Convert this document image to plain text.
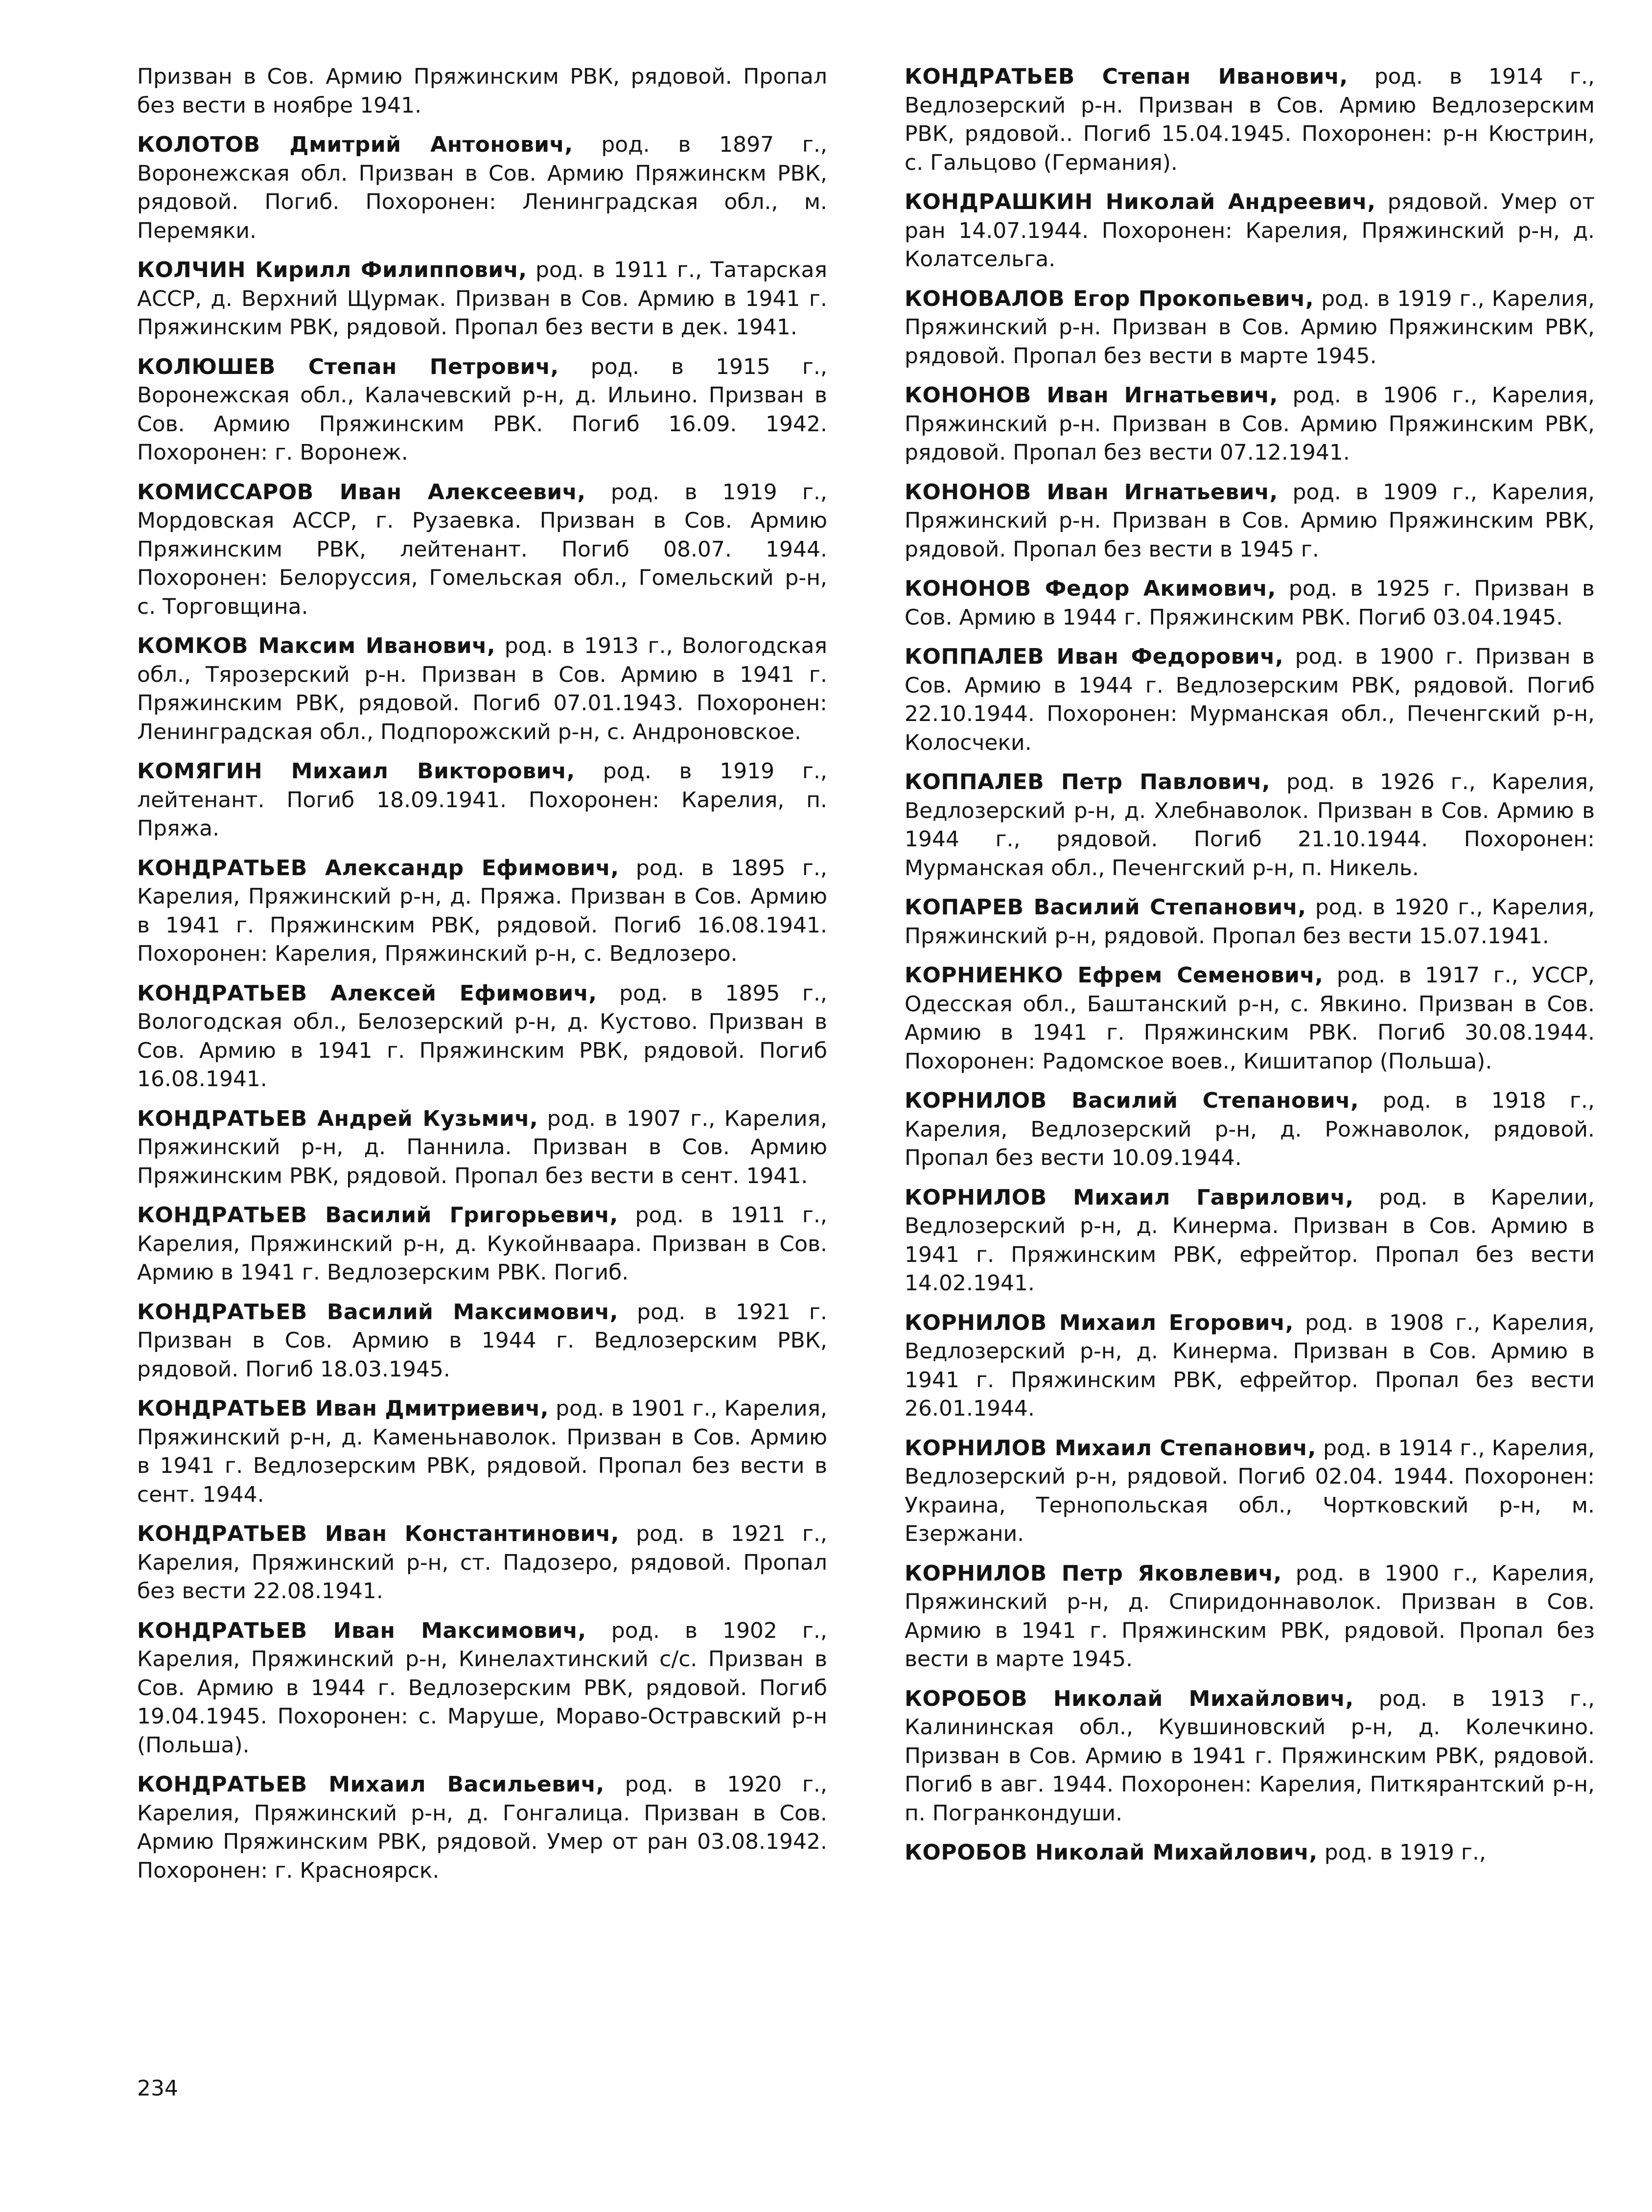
Призван в Сов. Армию Пряжинским РВК, рядовой. Пропал без вести в ноябре 1941.

КОЛОТОВ Дмитрий Антонович, род. в 1897 г., Воронежская обл. Призван в Сов. Армию Пряжинскм РВК, рядовой. Погиб. Похоронен: Ленинградская обл., м. Перемяки.

КОЛЧИН Кирилл Филиппович, род. в 1911 г., Татарская АССР, д. Верхний Щурмак. Призван в Сов. Армию в 1941 г. Пряжинским РВК, рядовой. Пропал без вести в дек. 1941.

КОЛЮШЕВ Степан Петрович, род. в 1915 г., Воронежская обл., Калачевский р-н, д. Ильино. Призван в Сов. Армию Пряжинским РВК. Погиб 16.09. 1942. Похоронен: г. Воронеж.

КОМИССАРОВ Иван Алексеевич, род. в 1919 г., Мордовская АССР, г. Рузаевка. Призван в Сов. Армию Пряжинским РВК, лейтенант. Погиб 08.07. 1944. Похоронен: Белоруссия, Гомельская обл., Гомельский р-н, с. Торговщина.

КОМКОВ Максим Иванович, род. в 1913 г., Вологодская обл., Тярозерский р-н. Призван в Сов. Армию в 1941 г. Пряжинским РВК, рядовой. Погиб 07.01.1943. Похоронен: Ленинградская обл., Подпорожский р-н, с. Андроновское.

КОМЯГИН Михаил Викторович, род. в 1919 г., лейтенант. Погиб 18.09.1941. Похоронен: Карелия, п. Пряжа.

КОНДРАТЬЕВ Александр Ефимович, род. в 1895 г., Карелия, Пряжинский р-н, д. Пряжа. Призван в Сов. Армию в 1941 г. Пряжинским РВК, рядовой. Погиб 16.08.1941. Похоронен: Карелия, Пряжинский р-н, с. Ведлозеро.

КОНДРАТЬЕВ Алексей Ефимович, род. в 1895 г., Вологодская обл., Белозерский р-н, д. Кустово. Призван в Сов. Армию в 1941 г. Пряжинским РВК, рядовой. Погиб 16.08.1941.

КОНДРАТЬЕВ Андрей Кузьмич, род. в 1907 г., Карелия, Пряжинский р-н, д. Паннила. Призван в Сов. Армию Пряжинским РВК, рядовой. Пропал без вести в сент. 1941.

КОНДРАТЬЕВ Василий Григорьевич, род. в 1911 г., Карелия, Пряжинский р-н, д. Кукойнваара. Призван в Сов. Армию в 1941 г. Ведлозерским РВК. Погиб.

КОНДРАТЬЕВ Василий Максимович, род. в 1921 г. Призван в Сов. Армию в 1944 г. Ведлозерским РВК, рядовой. Погиб 18.03.1945.

КОНДРАТЬЕВ Иван Дмитриевич, род. в 1901 г., Карелия, Пряжинский р-н, д. Каменьнаволок. Призван в Сов. Армию в 1941 г. Ведлозерским РВК, рядовой. Пропал без вести в сент. 1944.

КОНДРАТЬЕВ Иван Константинович, род. в 1921 г., Карелия, Пряжинский р-н, ст. Падозеро, рядовой. Пропал без вести 22.08.1941.

КОНДРАТЬЕВ Иван Максимович, род. в 1902 г., Карелия, Пряжинский р-н, Кинелахтинский с/с. Призван в Сов. Армию в 1944 г. Ведлозерским РВК, рядовой. Погиб 19.04.1945. Похоронен: с. Маруше, Мораво-Остравский р-н (Польша).

КОНДРАТЬЕВ Михаил Васильевич, род. в 1920 г., Карелия, Пряжинский р-н, д. Гонгалица. Призван в Сов. Армию Пряжинским РВК, рядовой. Умер от ран 03.08.1942. Похоронен: г. Красноярск.

КОНДРАТЬЕВ Степан Иванович, род. в 1914 г., Ведлозерский р-н. Призван в Сов. Армию Ведлозерским РВК, рядовой.. Погиб 15.04.1945. Похоронен: р-н Кюстрин, с. Гальцово (Германия).

КОНДРАШКИН Николай Андреевич, рядовой. Умер от ран 14.07.1944. Похоронен: Карелия, Пряжинский р-н, д. Колатсельга.

КОНОВАЛОВ Егор Прокопьевич, род. в 1919 г., Карелия, Пряжинский р-н. Призван в Сов. Армию Пряжинским РВК, рядовой. Пропал без вести в марте 1945.

КОНОНОВ Иван Игнатьевич, род. в 1906 г., Карелия, Пряжинский р-н. Призван в Сов. Армию Пряжинским РВК, рядовой. Пропал без вести 07.12.1941.

КОНОНОВ Иван Игнатьевич, род. в 1909 г., Карелия, Пряжинский р-н. Призван в Сов. Армию Пряжинским РВК, рядовой. Пропал без вести в 1945 г.

КОНОНОВ Федор Акимович, род. в 1925 г. Призван в Сов. Армию в 1944 г. Пряжинским РВК. Погиб 03.04.1945.

КОППАЛЕВ Иван Федорович, род. в 1900 г. Призван в Сов. Армию в 1944 г. Ведлозерским РВК, рядовой. Погиб 22.10.1944. Похоронен: Мурманская обл., Печенгский р-н, Колосчеки.

КОППАЛЕВ Петр Павлович, род. в 1926 г., Карелия, Ведлозерский р-н, д. Хлебнаволок. Призван в Сов. Армию в 1944 г., рядовой. Погиб 21.10.1944. Похоронен: Мурманская обл., Печенгский р-н, п. Никель.

КОПАРЕВ Василий Степанович, род. в 1920 г., Карелия, Пряжинский р-н, рядовой. Пропал без вести 15.07.1941.

КОРНИЕНКО Ефрем Семенович, род. в 1917 г., УССР, Одесская обл., Баштанский р-н, с. Явкино. Призван в Сов. Армию в 1941 г. Пряжинским РВК. Погиб 30.08.1944. Похоронен: Радомское воев., Кишитапор (Польша).

КОРНИЛОВ Василий Степанович, род. в 1918 г., Карелия, Ведлозерский р-н, д. Рожнаволок, рядовой. Пропал без вести 10.09.1944.

КОРНИЛОВ Михаил Гаврилович, род. в Карелии, Ведлозерский р-н, д. Кинерма. Призван в Сов. Армию в 1941 г. Пряжинским РВК, ефрейтор. Пропал без вести 14.02.1941.

КОРНИЛОВ Михаил Егорович, род. в 1908 г., Карелия, Ведлозерский р-н, д. Кинерма. Призван в Сов. Армию в 1941 г. Пряжинским РВК, ефрейтор. Пропал без вести 26.01.1944.

КОРНИЛОВ Михаил Степанович, род. в 1914 г., Карелия, Ведлозерский р-н, рядовой. Погиб 02.04. 1944. Похоронен: Украина, Тернопольская обл., Чортковский р-н, м. Езержани.

КОРНИЛОВ Петр Яковлевич, род. в 1900 г., Карелия, Пряжинский р-н, д. Спиридоннаволок. Призван в Сов. Армию в 1941 г. Пряжинским РВК, рядовой. Пропал без вести в марте 1945.

КОРОБОВ Николай Михайлович, род. в 1913 г., Калининская обл., Кувшиновский р-н, д. Колечкино. Призван в Сов. Армию в 1941 г. Пряжинским РВК, рядовой. Погиб в авг. 1944. Похоронен: Карелия, Питкярантский р-н, п. Погранкондуши.

КОРОБОВ Николай Михайлович, род. в 1919 г.,

234
